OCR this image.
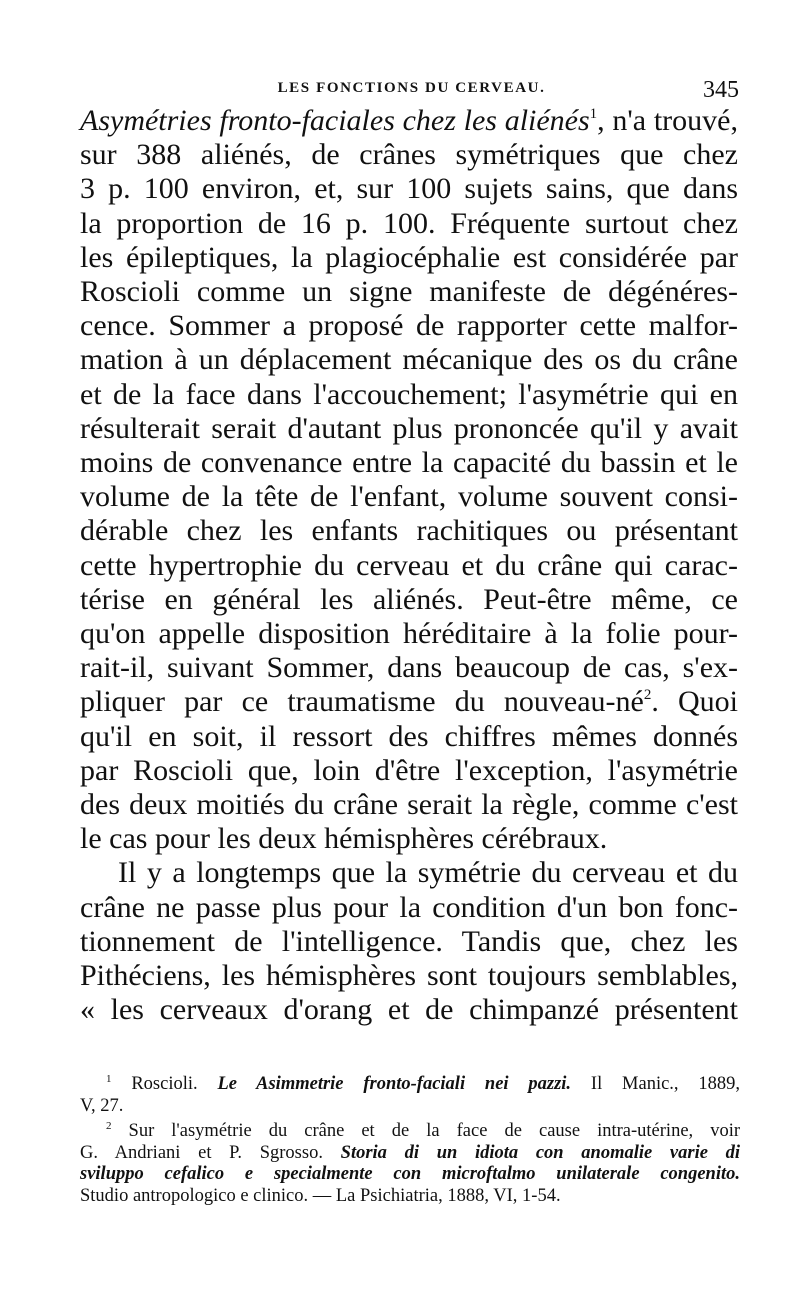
LES FONCTIONS DU CERVEAU.	345

Asymétries fronto-faciales chez les aliénés$^1$, n'a trouvé,
sur 388 aliénés, de crânes symétriques que chez
3 p. 100 environ, et, sur 100 sujets sains, que dans
la proportion de 16 p. 100. Fréquente surtout chez
les épileptiques, la plagiocéphalie est considérée par
Roscioli comme un signe manifeste de dégénéres-
cence. Sommer a proposé de rapporter cette malfor-
mation à un déplacement mécanique des os du crâne
et de la face dans l'accouchement; l'asymétrie qui en
résulterait serait d'autant plus prononcée qu'il y avait
moins de convenance entre la capacité du bassin et le
volume de la tête de l'enfant, volume souvent consi-
dérable chez les enfants rachitiques ou présentant
cette hypertrophie du cerveau et du crâne qui carac-
térise en général les aliénés. Peut-être même, ce
qu'on appelle disposition héréditaire à la folie pour-
rait-il, suivant Sommer, dans beaucoup de cas, s'ex-
pliquer par ce traumatisme du nouveau-$né^2$. Quoi
qu'il en soit, il ressort des chiffres mêmes donnés
par Roscioli que, loin d'être l'exception, l'asymétrie
des deux moitiés du crâne serait la règle, comme c'est
le cas pour les deux hémisphères cérébraux.

Il y a longtemps que la symétrie du cerveau et du
crâne ne passe plus pour la condition d'un bon fonc-
tionnement de l'intelligence. Tandis que, chez les
Pithéciens, les hémisphères sont toujours semblables,
« les cerveaux d'orang et de chimpanzé présentent

$^1$ Roscioli. Le Asimmetrie fronto-faciali nei pazzi. Il Manic., 1889,
V, 27.
$^2$ Sur l'asymétrie du crâne et de la face de cause intra-utérine, voir
G. Andriani et P. Sgrosso. Storia di un idiota con anomalie varie di
sviluppo cefalico e specialmente con microftalmo unilaterale congenito.
Studio antropologico e clinico. — La Psichiatria, 1888, VI, 1-54.
